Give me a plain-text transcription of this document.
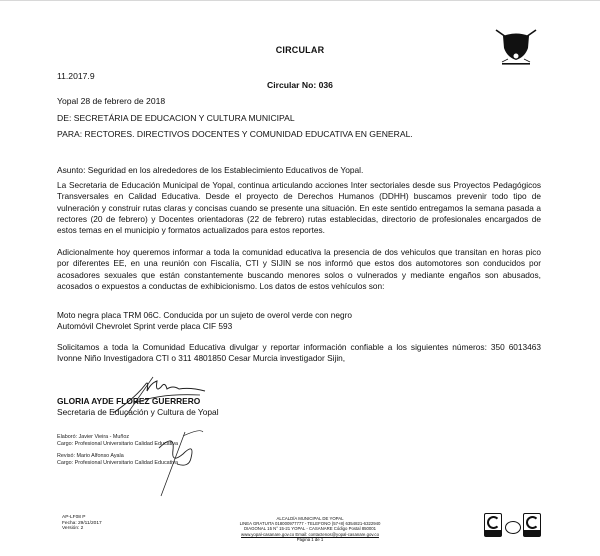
CIRCULAR
11.2017.9
Circular No: 036
Yopal 28 de febrero de 2018
DE: SECRETÁRIA DE EDUCACION Y CULTURA MUNICIPAL
PARA: RECTORES. DIRECTIVOS DOCENTES Y COMUNIDAD EDUCATIVA EN GENERAL.
Asunto: Seguridad en los alrededores de los Establecimiento Educativos de Yopal.
La Secretaria de Educación Municipal de Yopal, continua articulando acciones Inter sectoriales desde sus Proyectos Pedagógicos Transversales en Calidad Educativa. Desde el proyecto de Derechos Humanos (DDHH) buscamos prevenir todo tipo de vulneración y construir rutas claras y concisas cuando se presente una situación. En este sentido entregamos la semana pasada a rectores (20 de febrero) y Docentes orientadoras (22 de febrero) rutas establecidas, directorio de profesionales encargados de estos temas en el municipio y formatos actualizados para estos reportes.
Adicionalmente hoy queremos informar a toda la comunidad educativa la presencia de dos vehiculos que transitan en horas pico por diferentes EE, en una reunión con Fiscalía, CTI y SIJIN se nos informó que estos dos automotores son conducidos por acosadores sexuales que están constantemente buscando menores solos o vulnerados y mediante engaños son abusados, acosados o expuestos a conductas de exhibicionismo. Los datos de estos vehículos son:
Moto negra placa TRM 06C. Conducida por un sujeto de overol verde con negro
Automóvil Chevrolet Sprint verde placa CIF 593
Solicitamos a toda la Comunidad Educativa divulgar y reportar información confiable a los siguientes números: 350 6013463 Ivonne Niño Investigadora CTI o 311 4801850 Cesar Murcia investigador Sijin,
GLORIA AYDE FLOREZ GUERRERO
Secretaria de Educación y Cultura de Yopal
Elaboró: Javier Vieira - Muñoz
Cargo: Profesional Universitario Calidad Educativa
Revisó: Mario Alfonso Ayala
Cargo: Profesional Universitario Calidad Educativa
AP-LF08 P
Fecha: 29/11/2017
Versión: 2
ALCALDÍA MUNICIPAL DE YOPAL
LINEA GRATUITA 018000977777 - TELEFONO (57+8) 6354821-6322940
DIAGONAL 15 N° 15-21 YOPAL - CASANARE Código Postal 850001
www.yopal-casanare.gov.co Email: contactenos@yopal-casanare.gov.co
Página 1 de 1
